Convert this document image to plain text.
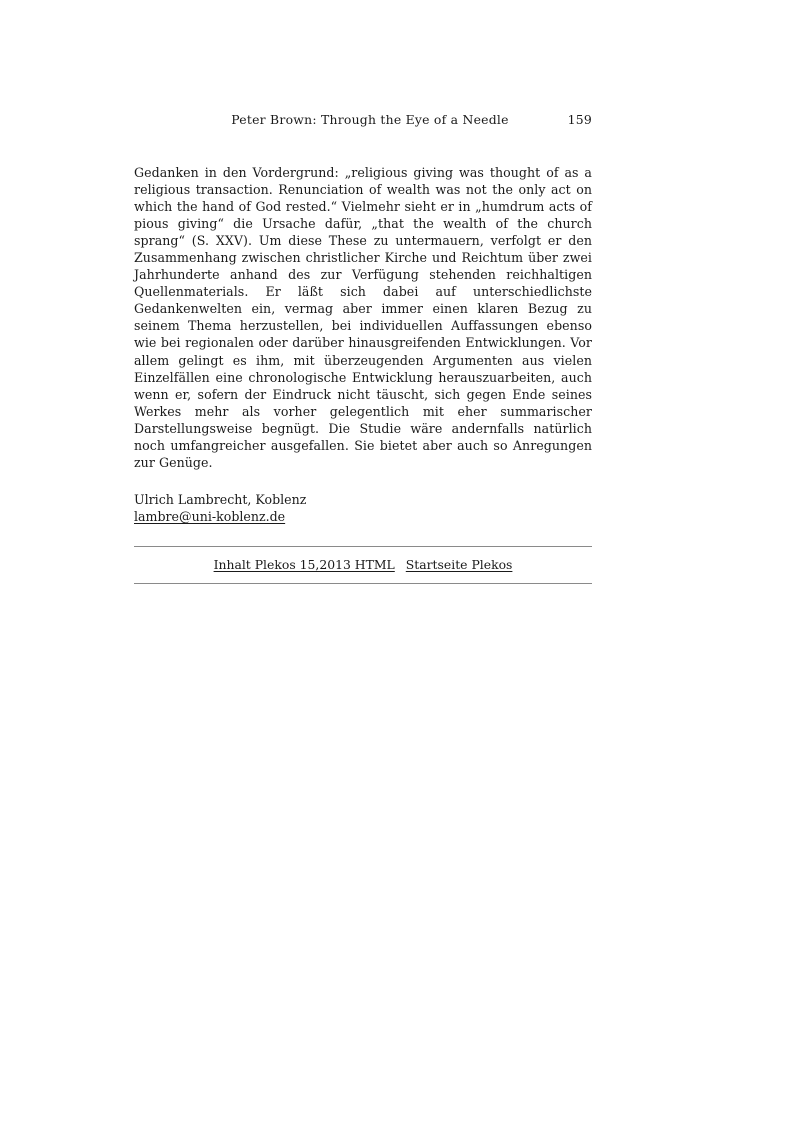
Peter Brown: Through the Eye of a Needle	159

Gedanken in den Vordergrund: „religious giving was thought of as a religious transaction. Renunciation of wealth was not the only act on which the hand of God rested.“ Vielmehr sieht er in „humdrum acts of pious giving“ die Ursache dafür, „that the wealth of the church sprang“ (S. XXV). Um diese These zu untermauern, verfolgt er den Zusammenhang zwischen christlicher Kirche und Reichtum über zwei Jahrhunderte anhand des zur Verfügung stehenden reichhaltigen Quellenmaterials. Er läßt sich dabei auf unterschiedlichste Gedankenwelten ein, vermag aber immer einen klaren Bezug zu seinem Thema herzustellen, bei individuellen Auffassungen ebenso wie bei regionalen oder darüber hinausgreifenden Entwicklungen. Vor allem gelingt es ihm, mit überzeugenden Argumenten aus vielen Einzelfällen eine chronologische Entwicklung herauszuarbeiten, auch wenn er, sofern der Eindruck nicht täuscht, sich gegen Ende seines Werkes mehr als vorher gelegentlich mit eher summarischer Darstellungsweise begnügt. Die Studie wäre andernfalls natürlich noch umfangreicher ausgefallen. Sie bietet aber auch so Anregungen zur Genüge.

Ulrich Lambrecht, Koblenz
lambre@uni-koblenz.de
Inhalt Plekos 15,2013 HTML Startseite Plekos
